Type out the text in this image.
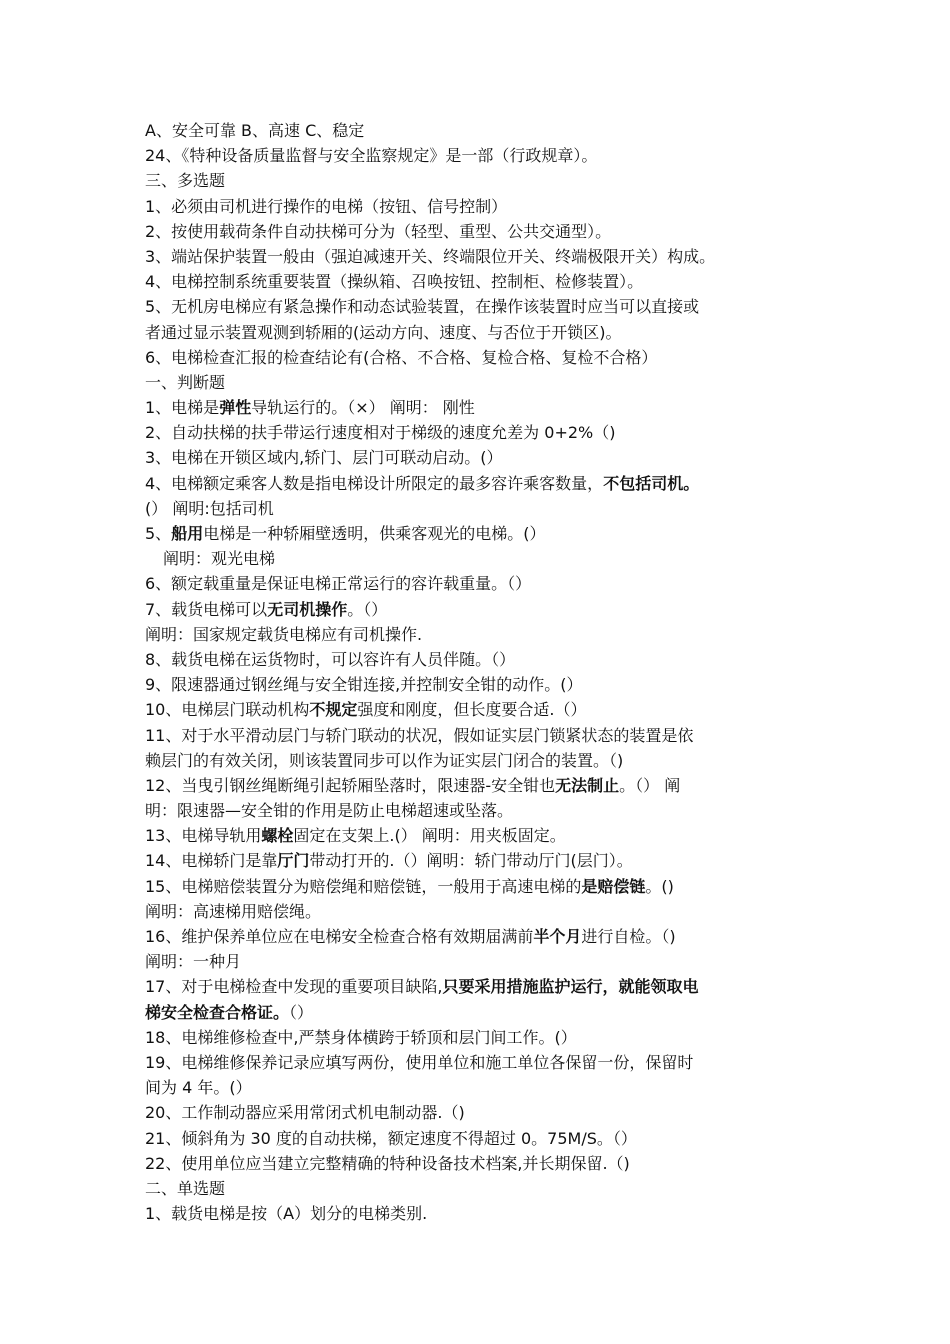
A、安全可靠 B、高速 C、稳定
24、《特种设备质量监督与安全监察规定》是一部（行政规章）。
三、多选题
1、必须由司机进行操作的电梯（按钮、信号控制）
2、按使用载荷条件自动扶梯可分为（轻型、重型、公共交通型）。
3、端站保护装置一般由（强迫减速开关、终端限位开关、终端极限开关）构成。
4、电梯控制系统重要装置（操纵箱、召唤按钮、控制柜、检修装置）。
5、无机房电梯应有紧急操作和动态试验装置，在操作该装置时应当可以直接或
者通过显示装置观测到轿厢的(运动方向、速度、与否位于开锁区)。
6、电梯检查汇报的检查结论有(合格、不合格、复检合格、复检不合格）
一、判断题
1、电梯是弹性导轨运行的。（×） 阐明： 刚性
2、自动扶梯的扶手带运行速度相对于梯级的速度允差为 0+2%（)
3、电梯在开锁区域内,轿门、层门可联动启动。(）
4、电梯额定乘客人数是指电梯设计所限定的最多容许乘客数量，不包括司机。
(） 阐明:包括司机
5、船用电梯是一种轿厢壁透明，供乘客观光的电梯。(）
阐明：观光电梯
6、额定载重量是保证电梯正常运行的容许载重量。（）
7、载货电梯可以无司机操作。（）
阐明：国家规定载货电梯应有司机操作.
8、载货电梯在运货物时，可以容许有人员伴随。（）
9、限速器通过钢丝绳与安全钳连接,并控制安全钳的动作。(）
10、电梯层门联动机构不规定强度和刚度，但长度要合适.（）
11、对于水平滑动层门与轿门联动的状况，假如证实层门锁紧状态的装置是依
赖层门的有效关闭，则该装置同步可以作为证实层门闭合的装置。（)
12、当曳引钢丝绳断绳引起轿厢坠落时，限速器-安全钳也无法制止。（） 阐
明：限速器—安全钳的作用是防止电梯超速或坠落。
13、电梯导轨用螺栓固定在支架上.(） 阐明：用夹板固定。
14、电梯轿门是靠厅门带动打开的.（）阐明：轿门带动厅门(层门）。
15、电梯赔偿装置分为赔偿绳和赔偿链，一般用于高速电梯的是赔偿链。()
阐明：高速梯用赔偿绳。
16、维护保养单位应在电梯安全检查合格有效期届满前半个月进行自检。（)
阐明：一种月
17、对于电梯检查中发现的重要项目缺陷,只要采用措施监护运行，就能领取电
梯安全检查合格证。（）
18、电梯维修检查中,严禁身体横跨于轿顶和层门间工作。(）
19、电梯维修保养记录应填写两份，使用单位和施工单位各保留一份，保留时
间为 4 年。(）
20、工作制动器应采用常闭式机电制动器.（)
21、倾斜角为 30 度的自动扶梯，额定速度不得超过 0。75M/S。（）
22、使用单位应当建立完整精确的特种设备技术档案,并长期保留.（)
二、单选题
1、载货电梯是按（A）划分的电梯类别.
